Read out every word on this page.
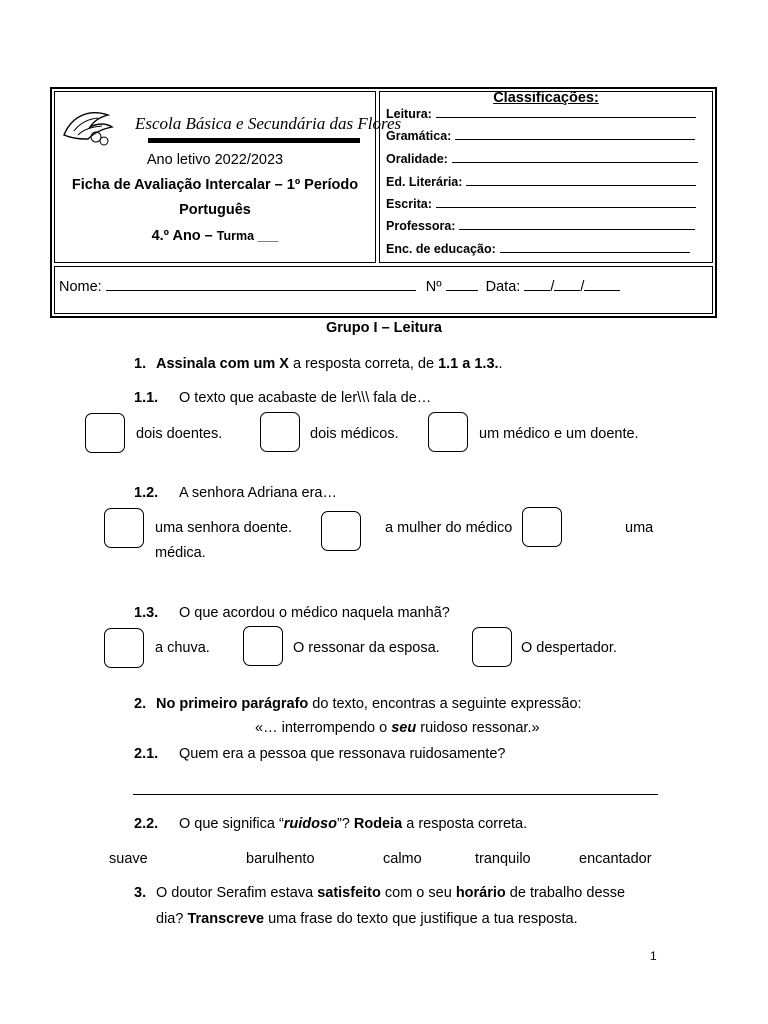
Escola Básica e Secundária das Flores
Ano letivo 2022/2023
Ficha de Avaliação Intercalar – 1º Período
Português
4.º Ano – Turma ___
Classificações:
Leitura:
Gramática:
Oralidade:
Ed. Literária:
Escrita:
Professora:
Enc. de educação:
Nome:	Nº	Data: / /
Grupo I – Leitura
1. Assinala com um X a resposta correta, de 1.1 a 1.3..
1.1. O texto que acabaste de ler\\\ fala de…
dois doentes.	dois médicos.	um médico e um doente.
1.2. A senhora Adriana era…
uma senhora doente.	a mulher do médico	uma
médica.
1.3. O que acordou o médico naquela manhã?
a chuva.	O ressonar da esposa.	O despertador.
2. No primeiro parágrafo do texto, encontras a seguinte expressão:
«… interrompendo o seu ruidoso ressonar.»
2.1. Quem era a pessoa que ressonava ruidosamente?
2.2. O que significa “ruidoso”? Rodeia a resposta correta.
suave	barulhento	calmo	tranquilo	encantador
3. O doutor Serafim estava satisfeito com o seu horário de trabalho desse
dia? Transcreve uma frase do texto que justifique a tua resposta.
1
